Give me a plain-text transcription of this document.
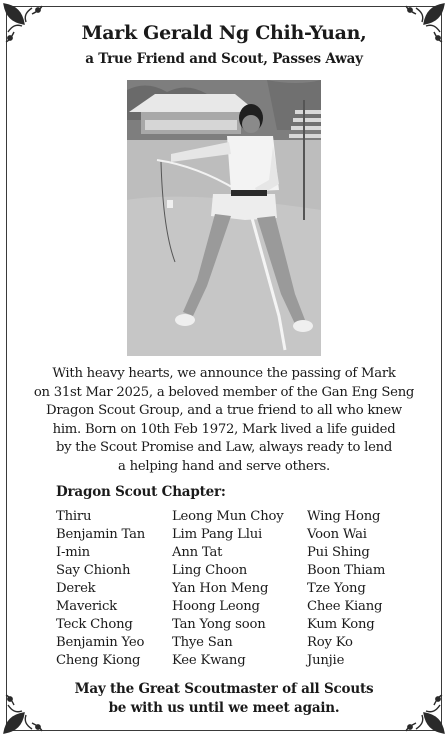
Mark Gerald Ng Chih-Yuan,
a True Friend and Scout, Passes Away
With heavy hearts, we announce the passing of Mark
on 31st Mar 2025, a beloved member of the Gan Eng Seng
Dragon Scout Group, and a true friend to all who knew
him. Born on 10th Feb 1972, Mark lived a life guided
by the Scout Promise and Law, always ready to lend
a helping hand and serve others.
Dragon Scout Chapter:
Thiru
Benjamin Tan
I-min
Say Chionh
Derek
Maverick
Teck Chong
Benjamin Yeo
Cheng Kiong
Leong Mun Choy
Lim Pang Llui
Ann Tat
Ling Choon
Yan Hon Meng
Hoong Leong
Tan Yong soon
Thye San
Kee Kwang
Wing Hong
Voon Wai
Pui Shing
Boon Thiam
Tze Yong
Chee Kiang
Kum Kong
Roy Ko
Junjie
May the Great Scoutmaster of all Scouts
be with us until we meet again.
